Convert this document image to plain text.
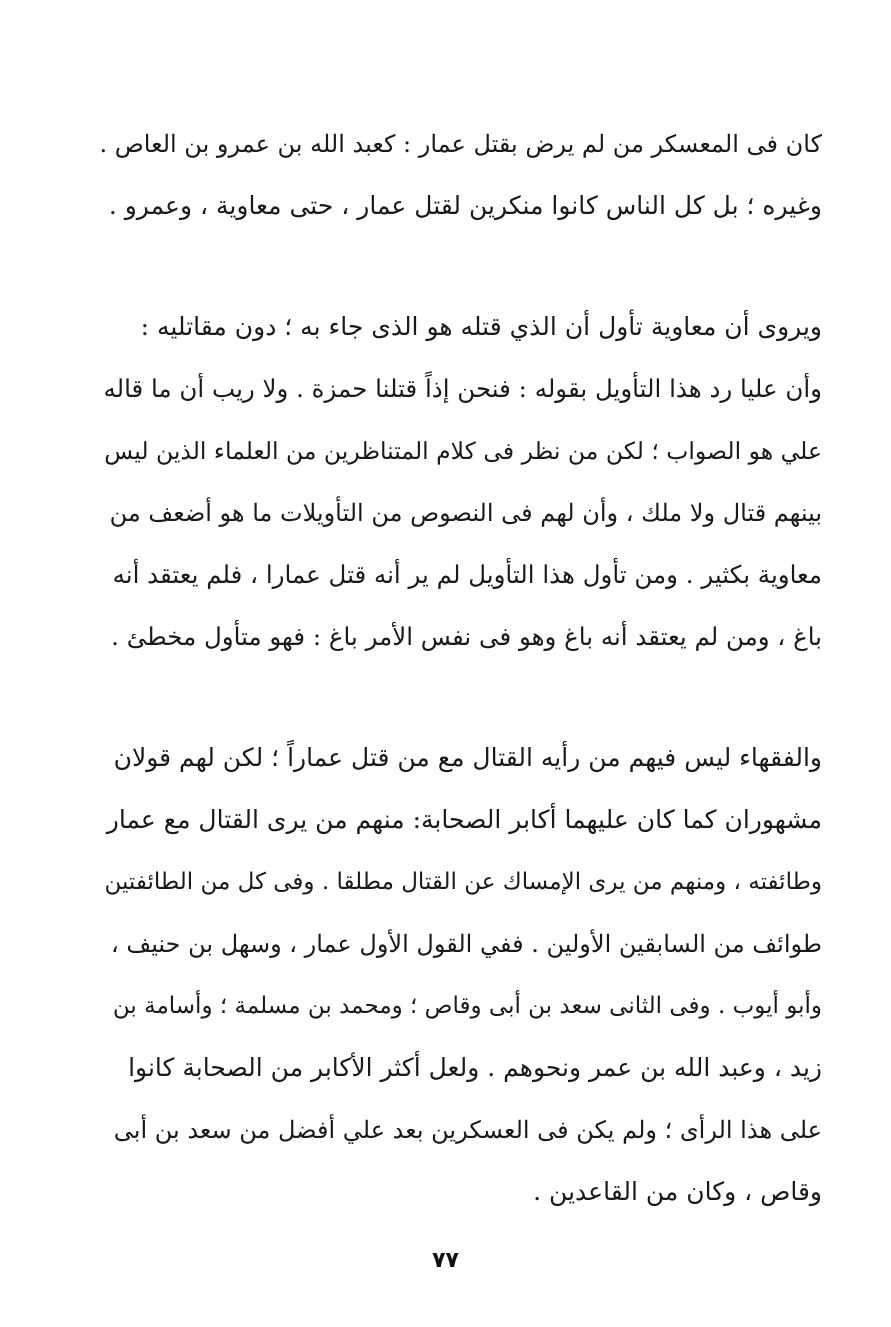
كان فى المعسكر من لم يرض بقتل عمار : كعبد الله بن عمرو بن العاص .
وغيره ؛ بل كل الناس كانوا منكرين لقتل عمار ، حتى معاوية ، وعمرو .
ويروى أن معاوية تأول أن الذي قتله هو الذى جاء به ؛ دون مقاتليه :
وأن عليا رد هذا التأويل بقوله : فنحن إذاً قتلنا حمزة . ولا ريب أن ما قاله
علي هو الصواب ؛ لكن من نظر فى كلام المتناظرين من العلماء الذين ليس
بينهم قتال ولا ملك ، وأن لهم فى النصوص من التأويلات ما هو أضعف من
معاوية بكثير . ومن تأول هذا التأويل لم ير أنه قتل عمارا ، فلم يعتقد أنه
باغ ، ومن لم يعتقد أنه باغ وهو فى نفس الأمر باغ : فهو متأول مخطئ .
والفقهاء ليس فيهم من رأيه القتال مع من قتل عماراً ؛ لكن لهم قولان
مشهوران كما كان عليهما أكابر الصحابة: منهم من يرى القتال مع عمار
وطائفته ، ومنهم من يرى الإمساك عن القتال مطلقا . وفى كل من الطائفتين
طوائف من السابقين الأولين . ففي القول الأول عمار ، وسهل بن حنيف ،
وأبو أيوب . وفى الثانى سعد بن أبى وقاص ؛ ومحمد بن مسلمة ؛ وأسامة بن
زيد ، وعبد الله بن عمر ونحوهم . ولعل أكثر الأكابر من الصحابة كانوا
على هذا الرأى ؛ ولم يكن فى العسكرين بعد علي أفضل من سعد بن أبى
وقاص ، وكان من القاعدين .
٧٧
